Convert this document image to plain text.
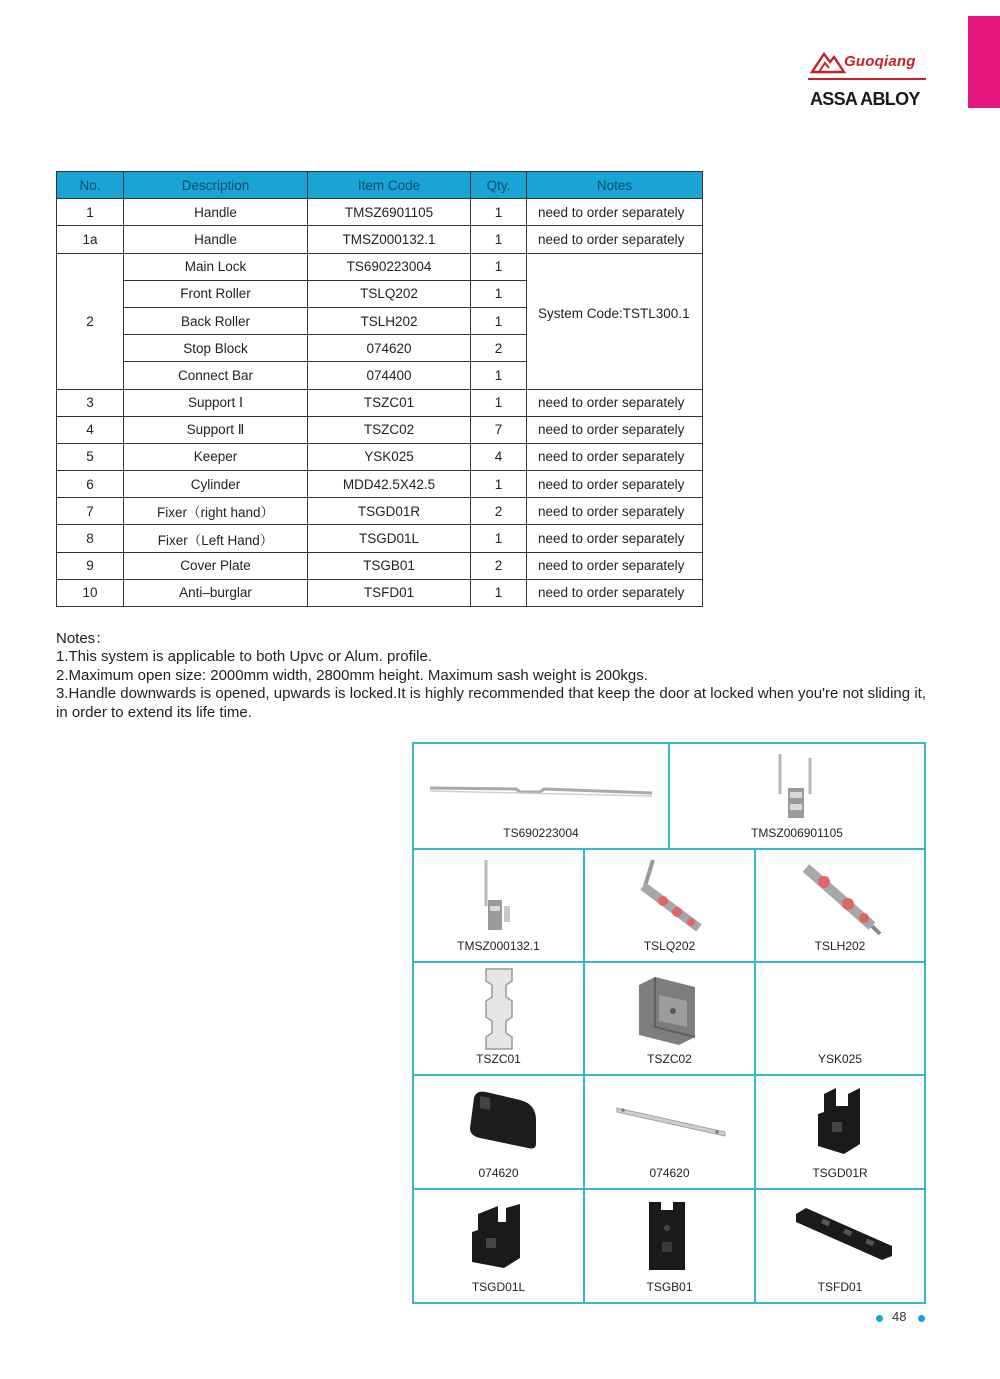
Guoqiang
ASSA ABLOY
No.	Description	Item Code	Qty.	Notes
1	Handle	TMSZ6901105	1	need to order separately
1a	Handle	TMSZ000132.1	1	need to order separately
2	Main Lock	TS690223004	1	System Code:TSTL300.1
	Front Roller	TSLQ202	1	
	Back Roller	TSLH202	1	
	Stop Block	074620	2	
	Connect Bar	074400	1	
3	Support Ⅰ	TSZC01	1	need to order separately
4	Support Ⅱ	TSZC02	7	need to order separately
5	Keeper	YSK025	4	need to order separately
6	Cylinder	MDD42.5X42.5	1	need to order separately
7	Fixer（right hand）	TSGD01R	2	need to order separately
8	Fixer（Left Hand）	TSGD01L	1	need to order separately
9	Cover Plate	TSGB01	2	need to order separately
10	Anti–burglar	TSFD01	1	need to order separately
Notes：
1.This system is applicable to both Upvc or Alum. profile.
2.Maximum open size: 2000mm width, 2800mm height. Maximum sash weight is 200kgs.
3.Handle downwards is opened, upwards is locked.It is highly recommended that keep the door at locked when you're not sliding it, in order to extend its life time.
TS690223004	TMSZ006901105
TMSZ000132.1	TSLQ202	TSLH202
TSZC01	TSZC02	YSK025
074620	074620	TSGD01R
TSGD01L	TSGB01	TSFD01
48
